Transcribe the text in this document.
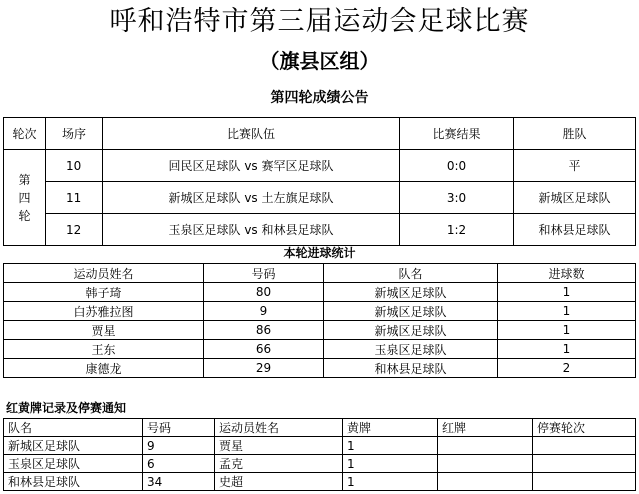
呼和浩特市第三届运动会足球比赛
（旗县区组）
第四轮成绩公告
轮次	场序	比赛队伍	比赛结果	胜队

第四轮	10	回民区足球队 vs 赛罕区足球队	0:0	平
	11	新城区足球队 vs 土左旗足球队	3:0	新城区足球队
	12	玉泉区足球队 vs 和林县足球队	1:2	和林县足球队
本轮进球统计
运动员姓名	号码	队名	进球数
韩子琦	80	新城区足球队	1
白苏雅拉图	9	新城区足球队	1
贾星	86	新城区足球队	1
王东	66	玉泉区足球队	1
康德龙	29	和林县足球队	2
红黄牌记录及停赛通知
队名	号码	运动员姓名	黄牌	红牌	停赛轮次
新城区足球队	9	贾星	1		
玉泉区足球队	6	孟克	1		
和林县足球队	34	史超	1		
